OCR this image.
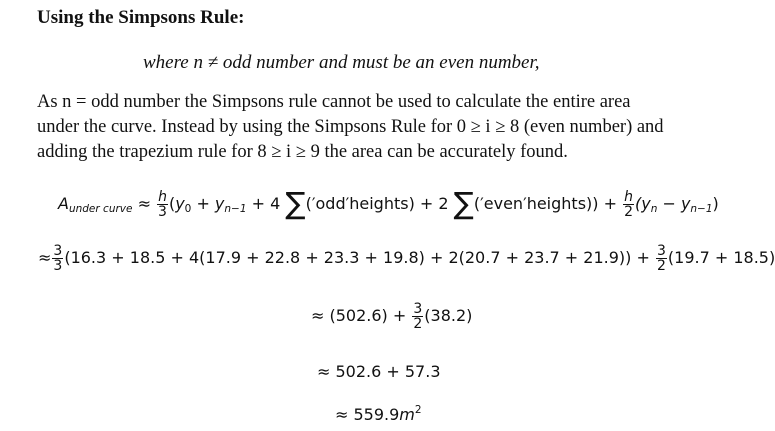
Using the Simpsons Rule:
where n ≠ odd number and must be an even number,
As n = odd number the Simpsons rule cannot be used to calculate the entire area
under the curve. Instead by using the Simpsons Rule for 0 ≥ i ≥ 8 (even number) and
adding the trapezium rule for 8 ≥ i ≥ 9 the area can be accurately found.
$A_{under curve} \approx \frac{h}{3} (y_0 + y_{n-1} + 4$ ∑(′odd′heights) + 2 ∑(′even′heights)) + $\frac{h}{2} (y_n - y_{n-1})$
≈ $\frac{3}{3} (16.3 + 18.5 + 4(17.9 + 22.8 + 23.3 + 19.8) + 2(20.7 + 23.7 + 21.9)) + \frac{3}{2} (19.7 + 18.5)$
≈ $(502.6) + \frac{3}{2} (38.2)$
≈ 502.6 + 57.3
≈ $559.9m^2$
